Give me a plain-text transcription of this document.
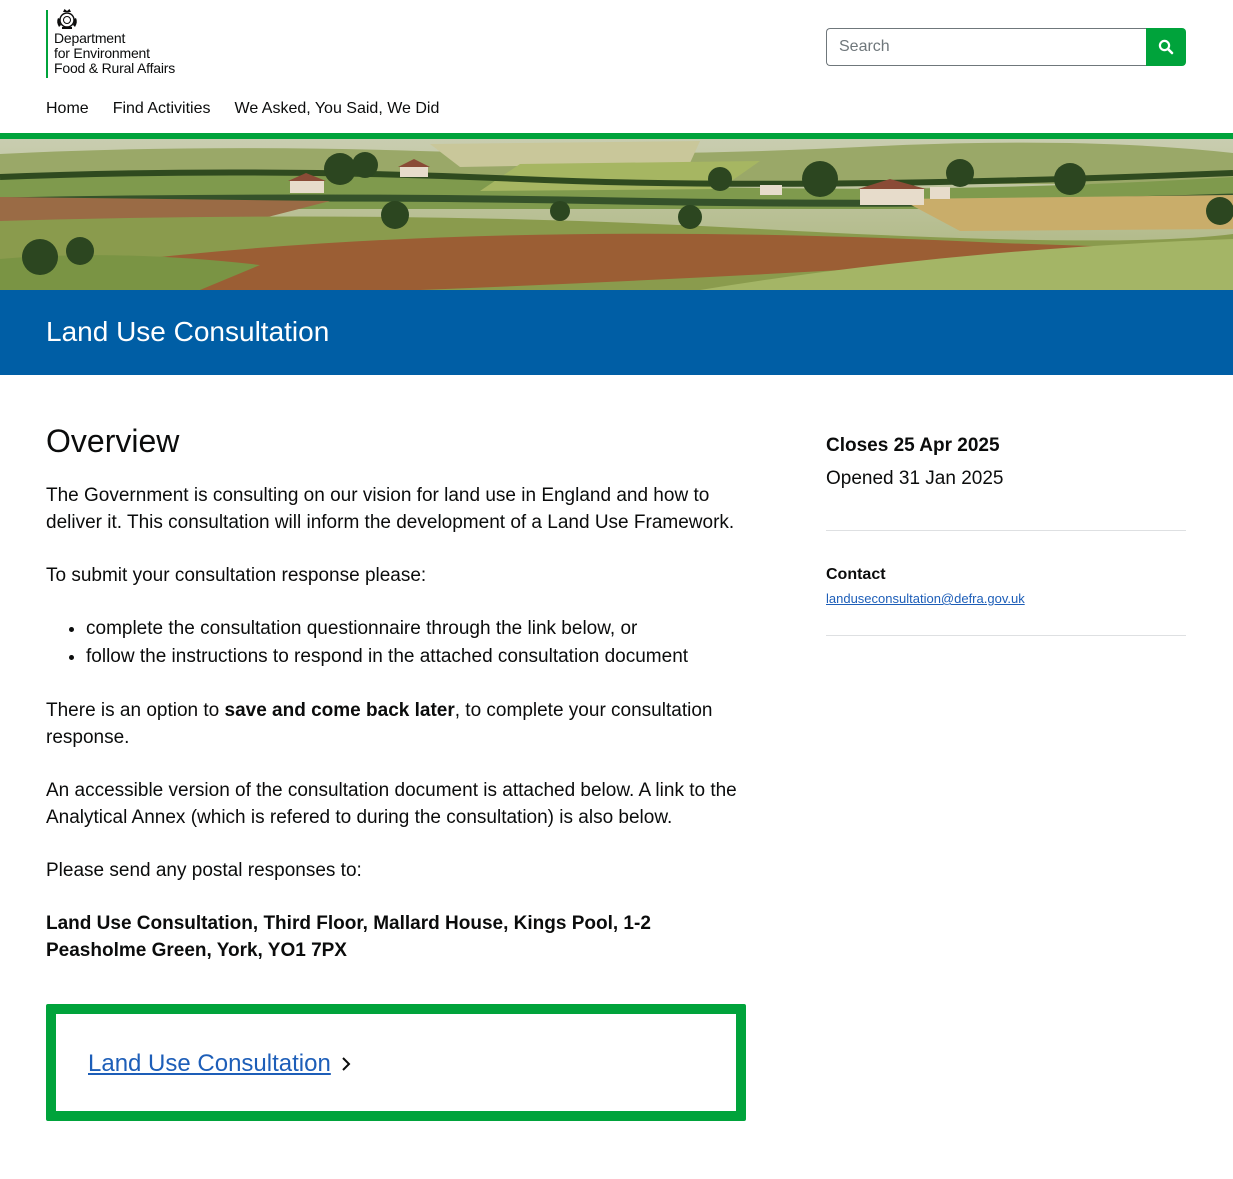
Department
for Environment
Food & Rural Affairs
Search
Home Find Activities We Asked, You Said, We Did
Land Use Consultation
Overview

The Government is consulting on our vision for land use in England and how to deliver it. This consultation will inform the development of a Land Use Framework.

To submit your consultation response please:

• complete the consultation questionnaire through the link below, or
• follow the instructions to respond in the attached consultation document

There is an option to save and come back later, to complete your consultation response.

An accessible version of the consultation document is attached below. A link to the Analytical Annex (which is refered to during the consultation) is also below.

Please send any postal responses to:

Land Use Consultation, Third Floor, Mallard House, Kings Pool, 1-2 Peasholme Green, York, YO1 7PX

Land Use Consultation
Closes 25 Apr 2025
Opened 31 Jan 2025
Contact
landuseconsultation@defra.gov.uk
